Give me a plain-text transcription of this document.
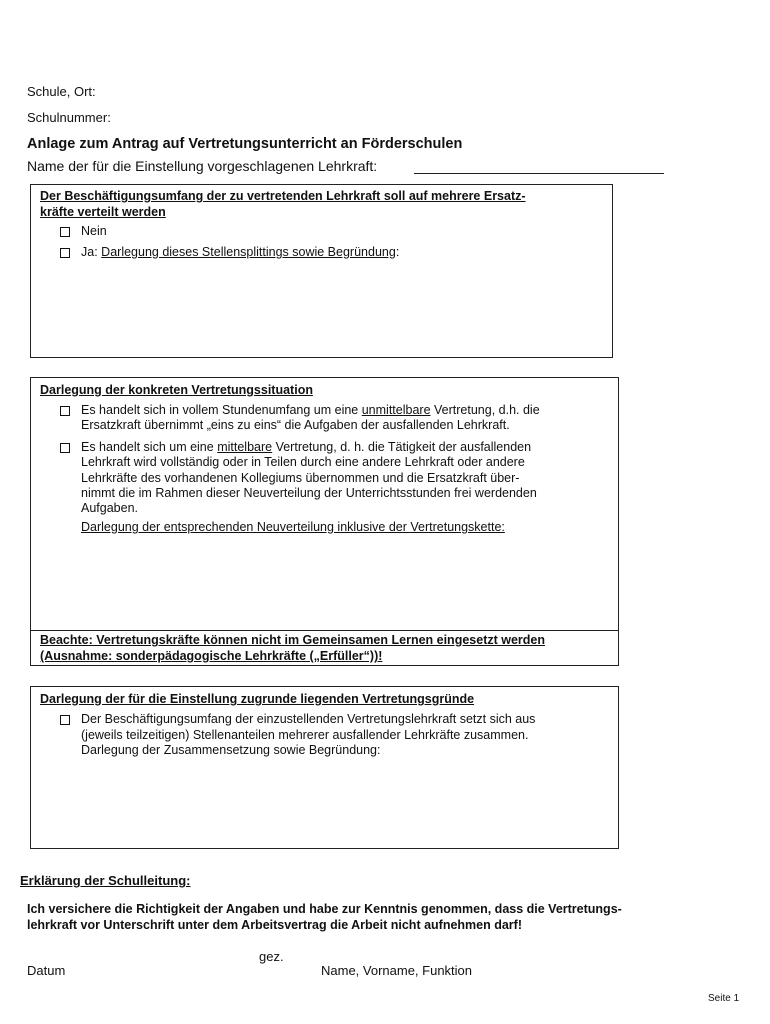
Schule, Ort:
Schulnummer:
Anlage zum Antrag auf Vertretungsunterricht an Förderschulen
Name der für die Einstellung vorgeschlagenen Lehrkraft:
Der Beschäftigungsumfang der zu vertretenden Lehrkraft soll auf mehrere Ersatz-
kräfte verteilt werden
Nein
Ja: Darlegung dieses Stellensplittings sowie Begründung:
Darlegung der konkreten Vertretungssituation
Es handelt sich in vollem Stundenumfang um eine unmittelbare Vertretung, d.h. die
Ersatzkraft übernimmt „eins zu eins“ die Aufgaben der ausfallenden Lehrkraft.
Es handelt sich um eine mittelbare Vertretung, d. h. die Tätigkeit der ausfallenden
Lehrkraft wird vollständig oder in Teilen durch eine andere Lehrkraft oder andere
Lehrkräfte des vorhandenen Kollegiums übernommen und die Ersatzkraft über-
nimmt die im Rahmen dieser Neuverteilung der Unterrichtsstunden frei werdenden
Aufgaben.
Darlegung der entsprechenden Neuverteilung inklusive der Vertretungskette:
Beachte: Vertretungskräfte können nicht im Gemeinsamen Lernen eingesetzt werden
(Ausnahme: sonderpädagogische Lehrkräfte („Erfüller“))!
Darlegung der für die Einstellung zugrunde liegenden Vertretungsgründe
Der Beschäftigungsumfang der einzustellenden Vertretungslehrkraft setzt sich aus
(jeweils teilzeitigen) Stellenanteilen mehrerer ausfallender Lehrkräfte zusammen.
Darlegung der Zusammensetzung sowie Begründung:
Erklärung der Schulleitung:
Ich versichere die Richtigkeit der Angaben und habe zur Kenntnis genommen, dass die Vertretungs-
lehrkraft vor Unterschrift unter dem Arbeitsvertrag die Arbeit nicht aufnehmen darf!
gez.
Datum	Name, Vorname, Funktion
Seite 1
